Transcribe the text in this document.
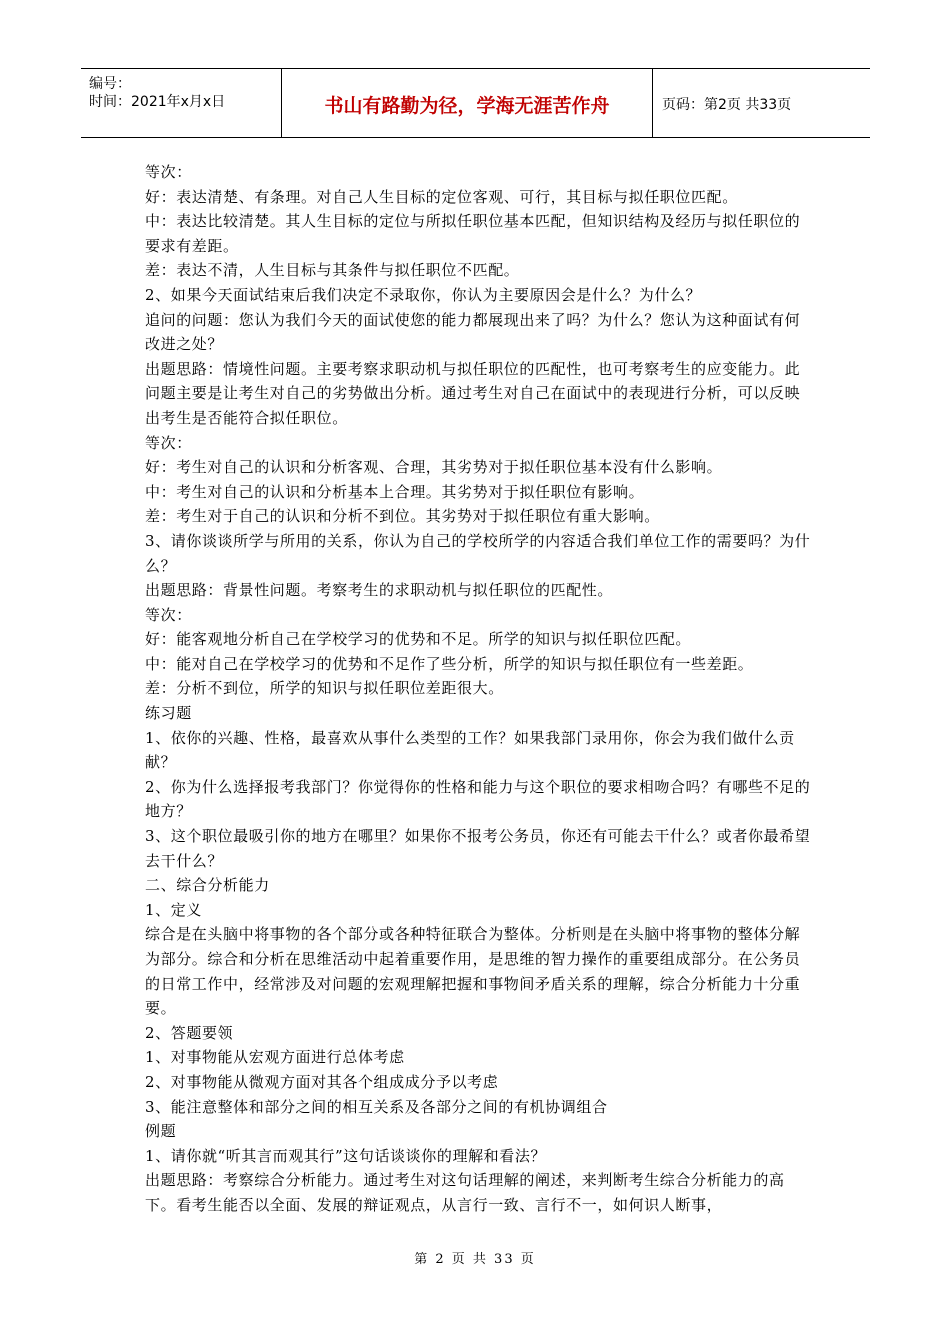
编号：
时间：2021年x月x日	书山有路勤为径，学海无涯苦作舟	页码：第2页 共33页

等次：

好：表达清楚、有条理。对自己人生目标的定位客观、可行，其目标与拟任职位匹配。

中：表达比较清楚。其人生目标的定位与所拟任职位基本匹配，但知识结构及经历与拟任职位的要求有差距。

差：表达不清，人生目标与其条件与拟任职位不匹配。

2、如果今天面试结束后我们决定不录取你，你认为主要原因会是什么？为什么？

追问的问题：您认为我们今天的面试使您的能力都展现出来了吗？为什么？您认为这种面试有何改进之处？

出题思路：情境性问题。主要考察求职动机与拟任职位的匹配性，也可考察考生的应变能力。此问题主要是让考生对自己的劣势做出分析。通过考生对自己在面试中的表现进行分析，可以反映出考生是否能符合拟任职位。

等次：

好：考生对自己的认识和分析客观、合理，其劣势对于拟任职位基本没有什么影响。

中：考生对自己的认识和分析基本上合理。其劣势对于拟任职位有影响。

差：考生对于自己的认识和分析不到位。其劣势对于拟任职位有重大影响。

3、请你谈谈所学与所用的关系，你认为自己的学校所学的内容适合我们单位工作的需要吗？为什么？

出题思路：背景性问题。考察考生的求职动机与拟任职位的匹配性。

等次：

好：能客观地分析自己在学校学习的优势和不足。所学的知识与拟任职位匹配。

中：能对自己在学校学习的优势和不足作了些分析，所学的知识与拟任职位有一些差距。

差：分析不到位，所学的知识与拟任职位差距很大。

练习题

1、依你的兴趣、性格，最喜欢从事什么类型的工作？如果我部门录用你，你会为我们做什么贡献？

2、你为什么选择报考我部门？你觉得你的性格和能力与这个职位的要求相吻合吗？有哪些不足的地方？

3、这个职位最吸引你的地方在哪里？如果你不报考公务员，你还有可能去干什么？或者你最希望去干什么？

二、综合分析能力

1、定义

综合是在头脑中将事物的各个部分或各种特征联合为整体。分析则是在头脑中将事物的整体分解为部分。综合和分析在思维活动中起着重要作用，是思维的智力操作的重要组成部分。在公务员的日常工作中，经常涉及对问题的宏观理解把握和事物间矛盾关系的理解，综合分析能力十分重要。

2、答题要领

1、对事物能从宏观方面进行总体考虑

2、对事物能从微观方面对其各个组成成分予以考虑

3、能注意整体和部分之间的相互关系及各部分之间的有机协调组合

例题

1、请你就“听其言而观其行”这句话谈谈你的理解和看法？

出题思路：考察综合分析能力。通过考生对这句话理解的阐述，来判断考生综合分析能力的高下。看考生能否以全面、发展的辩证观点，从言行一致、言行不一，如何识人断事，

第 2 页 共 33 页
